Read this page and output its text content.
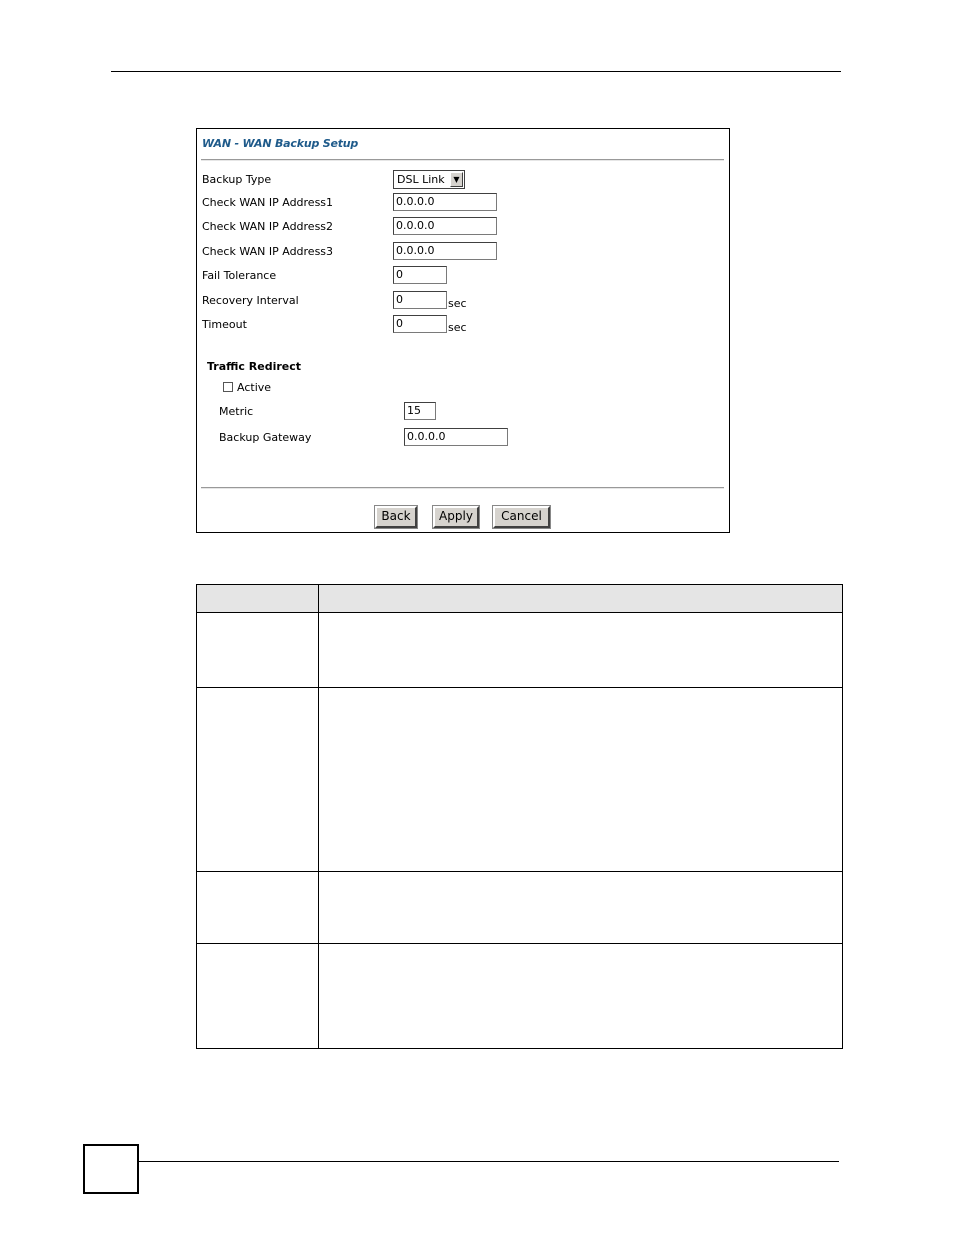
WAN - WAN Backup Setup
Backup Type	DSL Link	▼
Check WAN IP Address1	0.0.0.0
Check WAN IP Address2	0.0.0.0
Check WAN IP Address3	0.0.0.0
Fail Tolerance	0
Recovery Interval	0	sec
Timeout	0	sec
Traffic Redirect
Active
Metric	15
Backup Gateway	0.0.0.0
Back	Apply	Cancel
